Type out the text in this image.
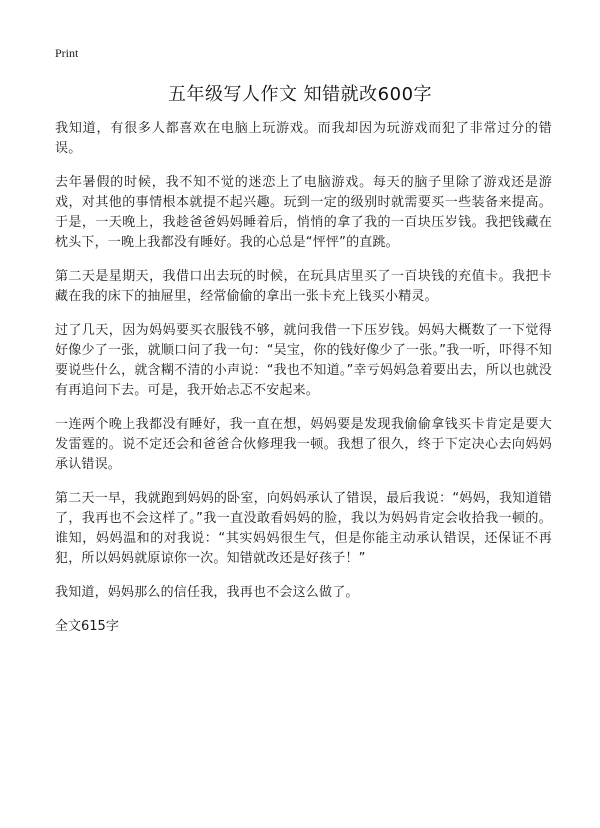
Print
五年级写人作文 知错就改600字

我知道，有很多人都喜欢在电脑上玩游戏。而我却因为玩游戏而犯了非常过分的错误。

去年暑假的时候，我不知不觉的迷恋上了电脑游戏。每天的脑子里除了游戏还是游戏，对其他的事情根本就提不起兴趣。玩到一定的级别时就需要买一些装备来提高。于是，一天晚上，我趁爸爸妈妈睡着后，悄悄的拿了我的一百块压岁钱。我把钱藏在枕头下，一晚上我都没有睡好。我的心总是“怦怦”的直跳。

第二天是星期天，我借口出去玩的时候，在玩具店里买了一百块钱的充值卡。我把卡藏在我的床下的抽屉里，经常偷偷的拿出一张卡充上钱买小精灵。

过了几天，因为妈妈要买衣服钱不够，就问我借一下压岁钱。妈妈大概数了一下觉得好像少了一张，就顺口问了我一句：“吴宝，你的钱好像少了一张。”我一听，吓得不知要说些什么，就含糊不清的小声说：“我也不知道。”幸亏妈妈急着要出去，所以也就没有再追问下去。可是，我开始忐忑不安起来。

一连两个晚上我都没有睡好，我一直在想，妈妈要是发现我偷偷拿钱买卡肯定是要大发雷霆的。说不定还会和爸爸合伙修理我一顿。我想了很久，终于下定决心去向妈妈承认错误。

第二天一早，我就跑到妈妈的卧室，向妈妈承认了错误，最后我说：“妈妈，我知道错了，我再也不会这样了。”我一直没敢看妈妈的脸，我以为妈妈肯定会收拾我一顿的。谁知，妈妈温和的对我说：“其实妈妈很生气，但是你能主动承认错误，还保证不再犯，所以妈妈就原谅你一次。知错就改还是好孩子！”

我知道，妈妈那么的信任我，我再也不会这么做了。

全文615字
